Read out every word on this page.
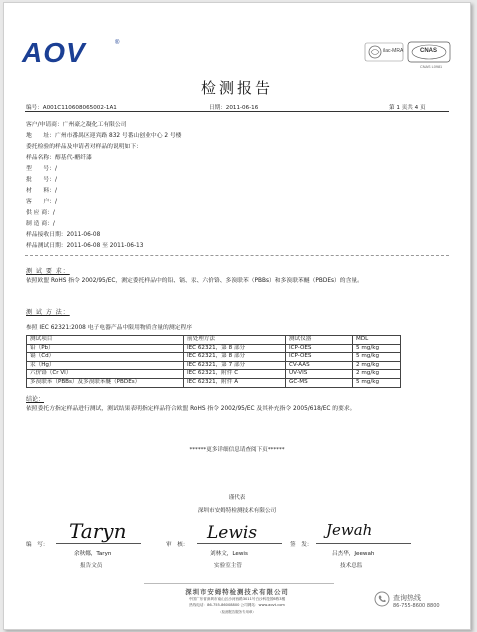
AOV	®
ilac-MRA	CNAS
CNAS L0981
检测报告
编号：A001C110608065002-1A1	日期：2011-06-16	第 1 页共 4 页
客户/申请商：广州豪之凝化工有限公司
地　　址：广州市番禺区迎宾路 832 号番山创业中心 2 号楼
委托检验的样品及申请者对样品的说明如下：
样品名称：醇基代-醋纤漆
型　　号：/
批　　号：/
材　　料：/
客　　户：/
供 应 商：/
制 造 商：/
样品接收日期：2011-06-08
样品测试日期：2011-06-08 至 2011-06-13
测 试 要 求：
依照欧盟 RoHS 指令 2002/95/EC，测定委托样品中的铅、镉、汞、六价铬、多溴联苯（PBBs）和多溴联苯醚（PBDEs）的含量。
测 试 方 法：
参照 IEC 62321:2008 电子电器产品中限用物质含量的测定程序
测试项目	前处理方法	测试仪器	MDL
铅（Pb）	IEC 62321，第 8 部分	ICP-OES	5 mg/kg
镉（Cd）	IEC 62321，第 8 部分	ICP-OES	5 mg/kg
汞（Hg）	IEC 62321，第 7 部分	CV-AAS	2 mg/kg
六价铬（Cr VI）	IEC 62321，附件 C	UV-VIS	2 mg/kg
多溴联苯（PBBs）及多溴联苯醚（PBDEs）	IEC 62321，附件 A	GC-MS	5 mg/kg
结论：
依照委托方指定样品进行测试，测试结果表明指定样品符合欧盟 RoHS 指令 2002/95/EC 及其补充指令 2005/618/EC 的要求。
******更多详细信息请查阅下页******
谨代表
深圳市安姆特检测技术有限公司
编　写：
Taryn
余秋娜，Taryn
报告文员
审　核：
Lewis
刘林文，Lewis
实验室主管
签　发：
Jewah
吕杰华，Jeewah
技术总监
深圳市安姆特检测技术有限公司
中国广东省深圳市南山区沙河西路3011号白沙科技园6栋3楼
热线电话：86-755-86008800 公司网站：www.aovt.com
（检测报告服务专用章）
查询热线
86-755-8600 8800
